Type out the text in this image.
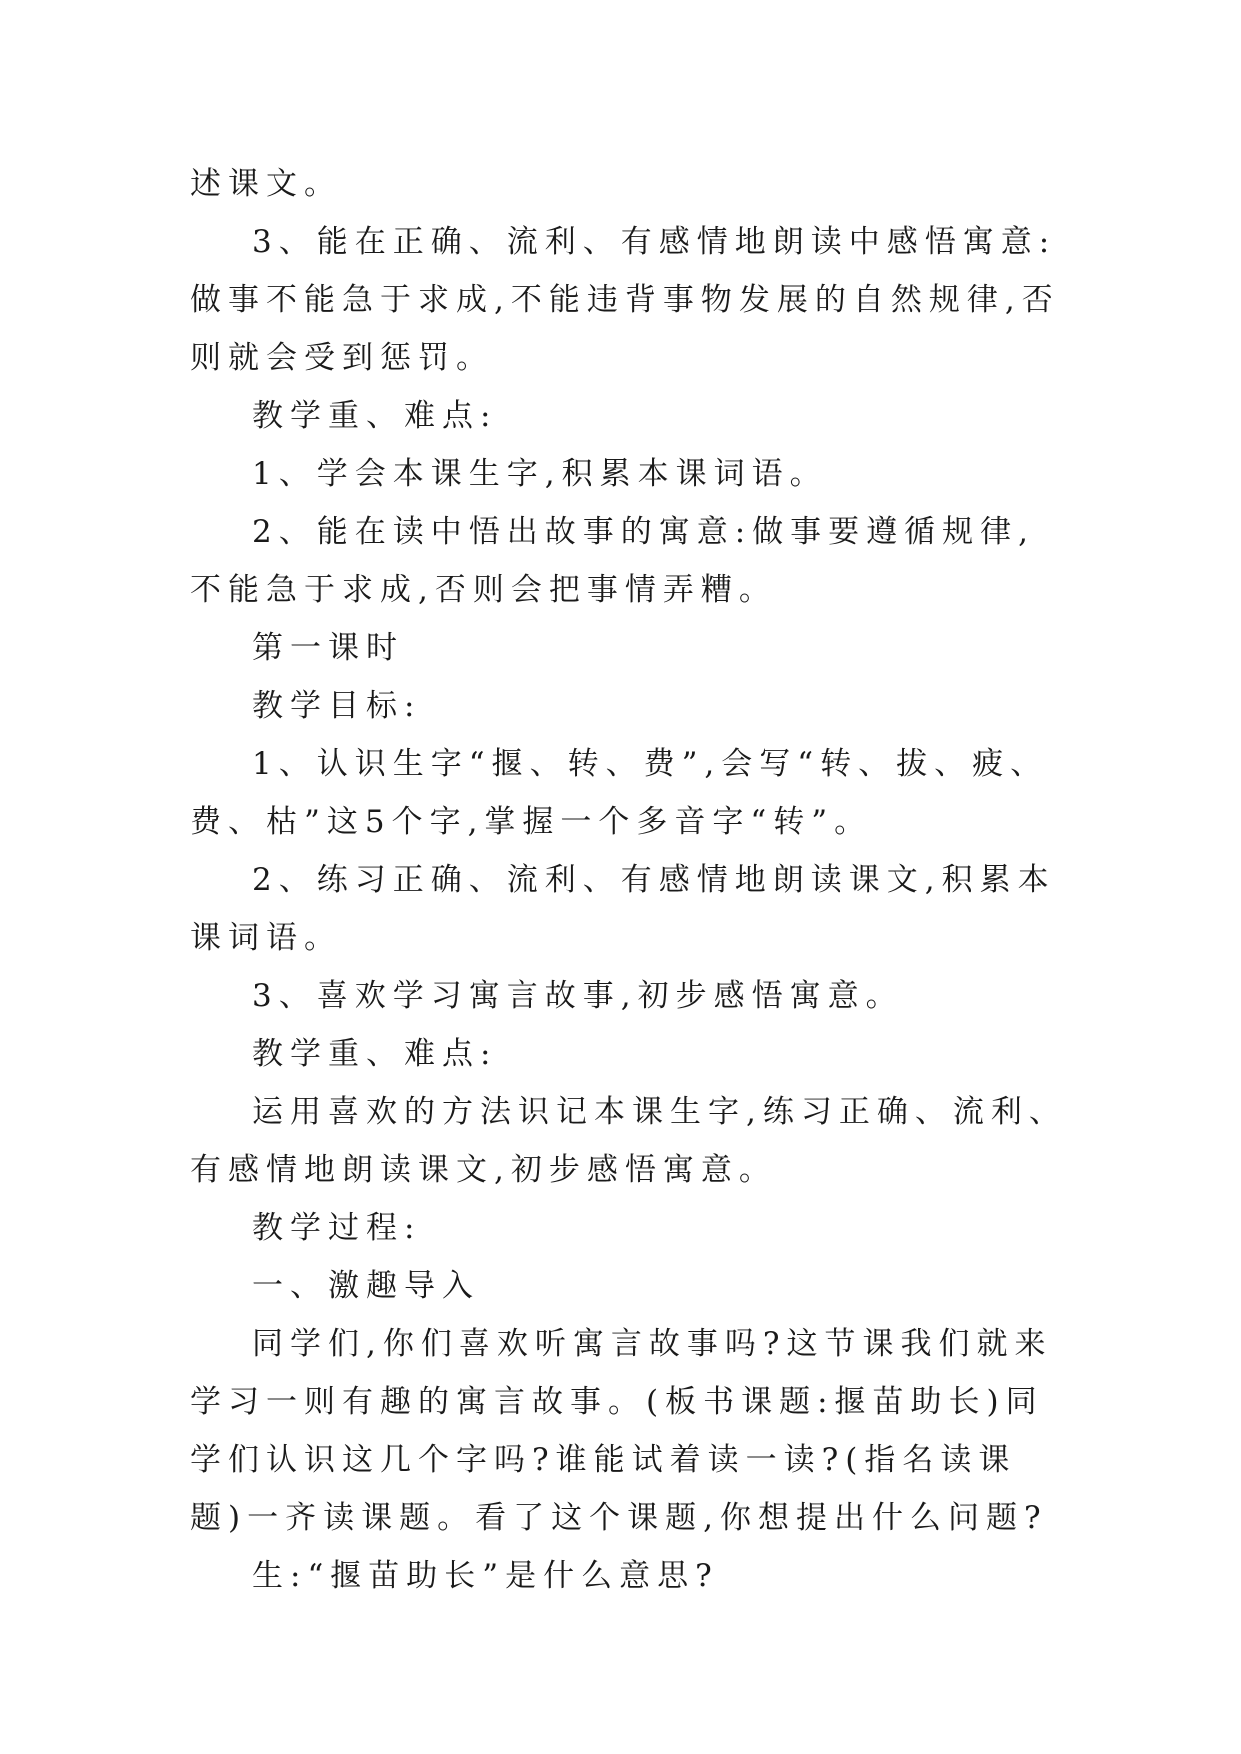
述课文。

3、能在正确、流利、有感情地朗读中感悟寓意:做事不能急于求成,不能违背事物发展的自然规律,否则就会受到惩罚。

教学重、难点:

1、学会本课生字,积累本课词语。

2、能在读中悟出故事的寓意:做事要遵循规律,不能急于求成,否则会把事情弄糟。

第一课时

教学目标:

1、认识生字“揠、转、费”,会写“转、拔、疲、费、枯”这5个字,掌握一个多音字“转”。

2、练习正确、流利、有感情地朗读课文,积累本课词语。

3、喜欢学习寓言故事,初步感悟寓意。

教学重、难点:

运用喜欢的方法识记本课生字,练习正确、流利、有感情地朗读课文,初步感悟寓意。

教学过程:

一、激趣导入

同学们,你们喜欢听寓言故事吗?这节课我们就来学习一则有趣的寓言故事。(板书课题:揠苗助长)同学们认识这几个字吗?谁能试着读一读?(指名读课题)一齐读课题。看了这个课题,你想提出什么问题?

生:“揠苗助长”是什么意思?
